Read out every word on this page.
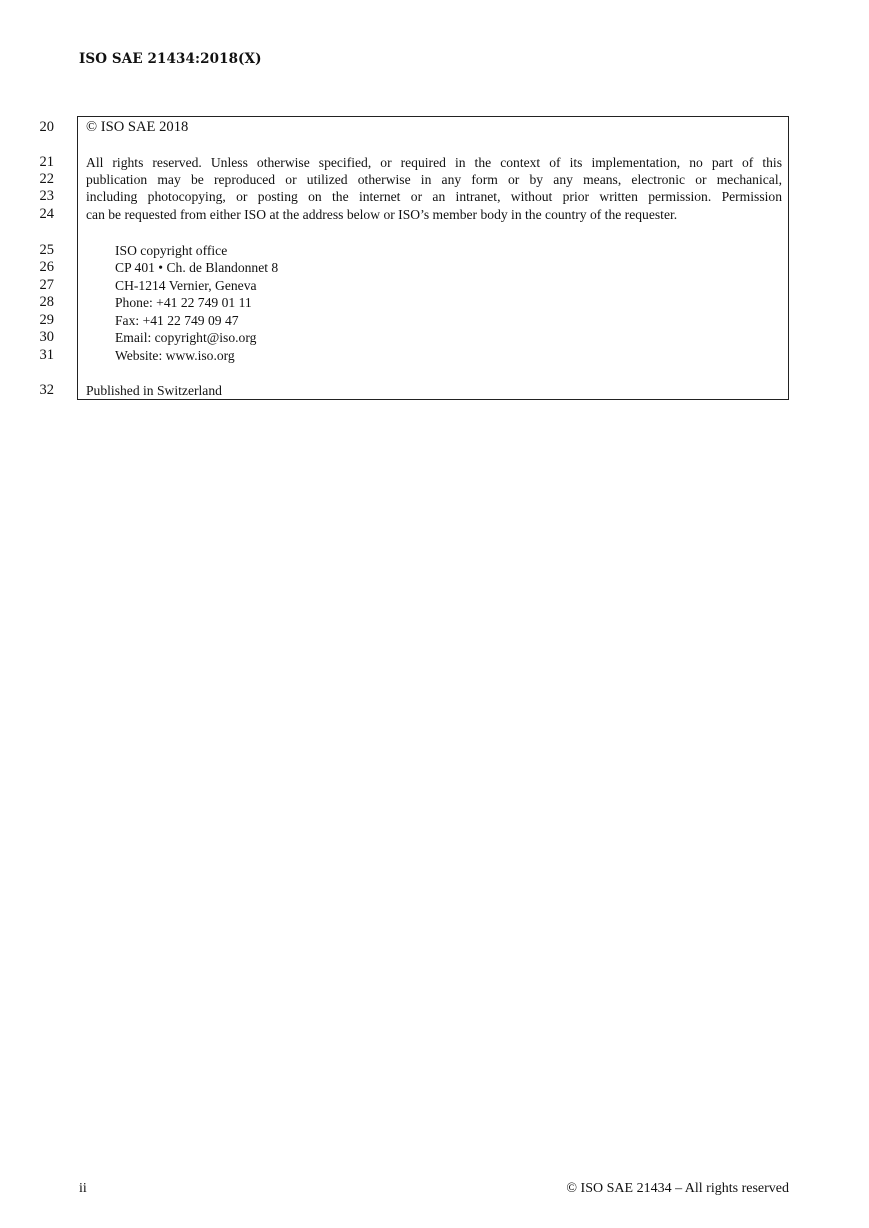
ISO SAE 21434:2018(X)
20
21
22
23
24
25
26
27
28
29
30
31
32
© ISO SAE 2018
All rights reserved. Unless otherwise specified, or required in the context of its implementation, no part of this
publication may be reproduced or utilized otherwise in any form or by any means, electronic or mechanical,
including photocopying, or posting on the internet or an intranet, without prior written permission. Permission
can be requested from either ISO at the address below or ISO’s member body in the country of the requester.
ISO copyright office
CP 401 • Ch. de Blandonnet 8
CH-1214 Vernier, Geneva
Phone: +41 22 749 01 11
Fax: +41 22 749 09 47
Email: copyright@iso.org
Website: www.iso.org
Published in Switzerland
ii	© ISO SAE 21434 – All rights reserved
